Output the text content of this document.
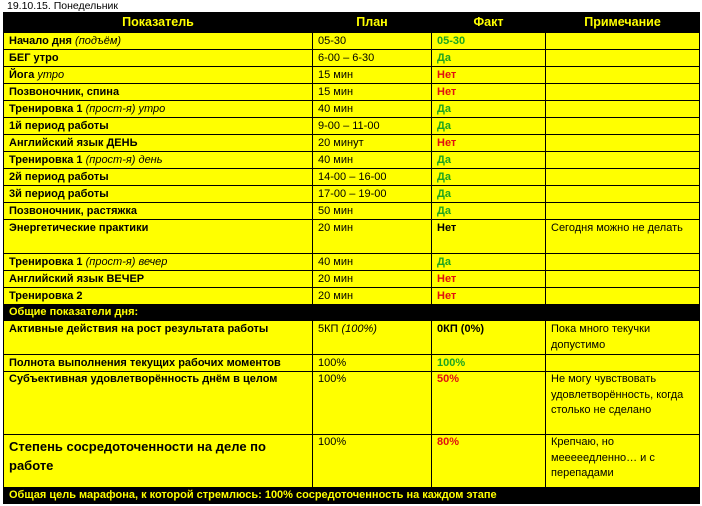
19.10.15. Понедельник
Показатель	План	Факт	Примечание
Начало дня (подъём)	05-30	05-30	
БЕГ утро	6-00 – 6-30	Да	
Йога утро	15 мин	Нет	
Позвоночник, спина	15 мин	Нет	
Тренировка 1 (прост-я) утро	40 мин	Да	
1й период работы	9-00 – 11-00	Да	
Английский язык ДЕНЬ	20 минут	Нет	
Тренировка 1 (прост-я) день	40 мин	Да	
2й период работы	14-00 – 16-00	Да	
3й период работы	17-00 – 19-00	Да	
Позвоночник, растяжка	50 мин	Да	
Энергетические практики	20 мин	Нет	Сегодня можно не делать
Тренировка 1 (прост-я) вечер	40 мин	Да	
Английский язык ВЕЧЕР	20 мин	Нет	
Тренировка 2	20 мин	Нет	
Общие показатели дня:			
Активные действия на рост результата работы	5КП (100%)	0КП (0%)	Пока много текучки допустимо
Полнота выполнения текущих рабочих моментов	100%	100%	
Субъективная удовлетворённость днём в целом	100%	50%	Не могу чувствовать удовлетворённость, когда столько не сделано
Степень сосредоточенности на деле по работе	100%	80%	Крепчаю, но мееееедленно… и с перепадами
Общая цель марафона, к которой стремлюсь: 100% сосредоточенность на каждом этапе			
